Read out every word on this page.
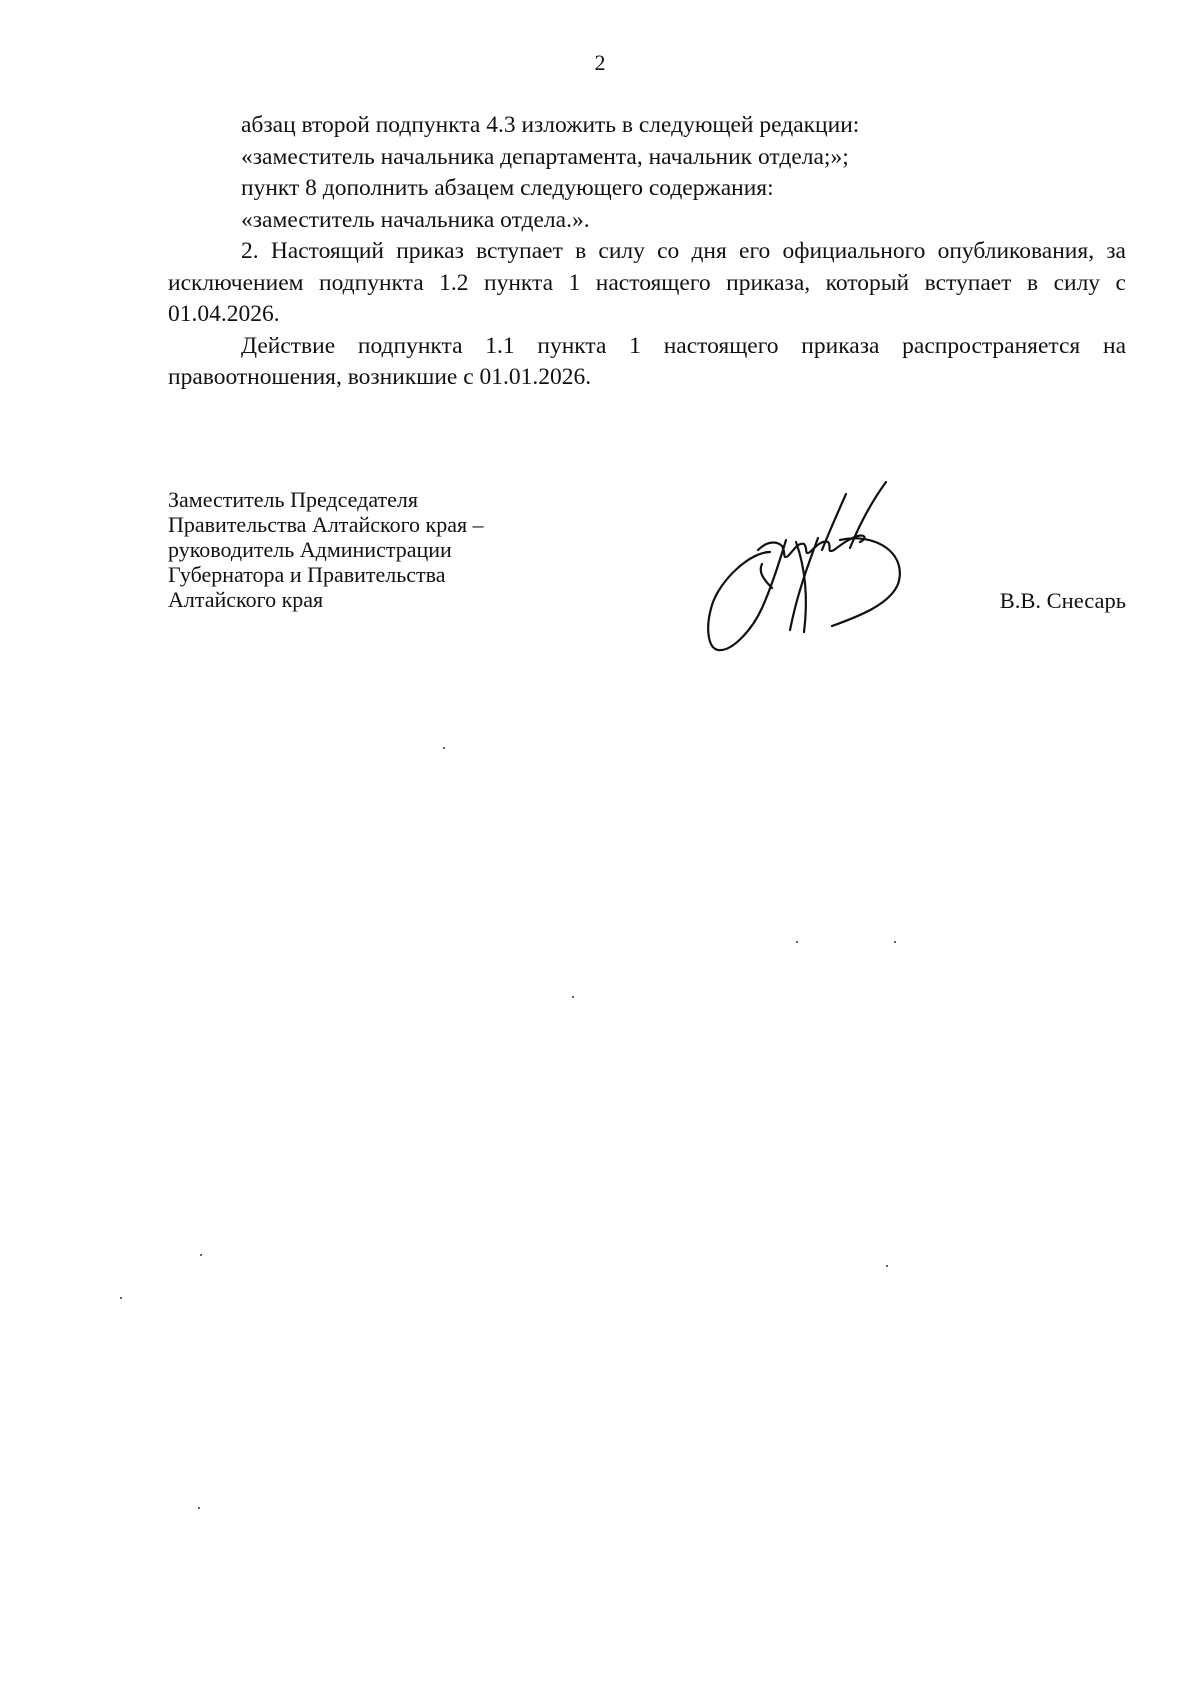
2

абзац второй подпункта 4.3 изложить в следующей редакции:

«заместитель начальника департамента, начальник отдела;»;

пункт 8 дополнить абзацем следующего содержания:

«заместитель начальника отдела.».

2. Настоящий приказ вступает в силу со дня его официального опубликования, за исключением подпункта 1.2 пункта 1 настоящего приказа, который вступает в силу с 01.04.2026.

Действие подпункта 1.1 пункта 1 настоящего приказа распространяется на правоотношения, возникшие с 01.01.2026.

Заместитель Председателя

Правительства Алтайского края –

руководитель Администрации

Губернатора и Правительства

Алтайского края	В.В. Снесарь
